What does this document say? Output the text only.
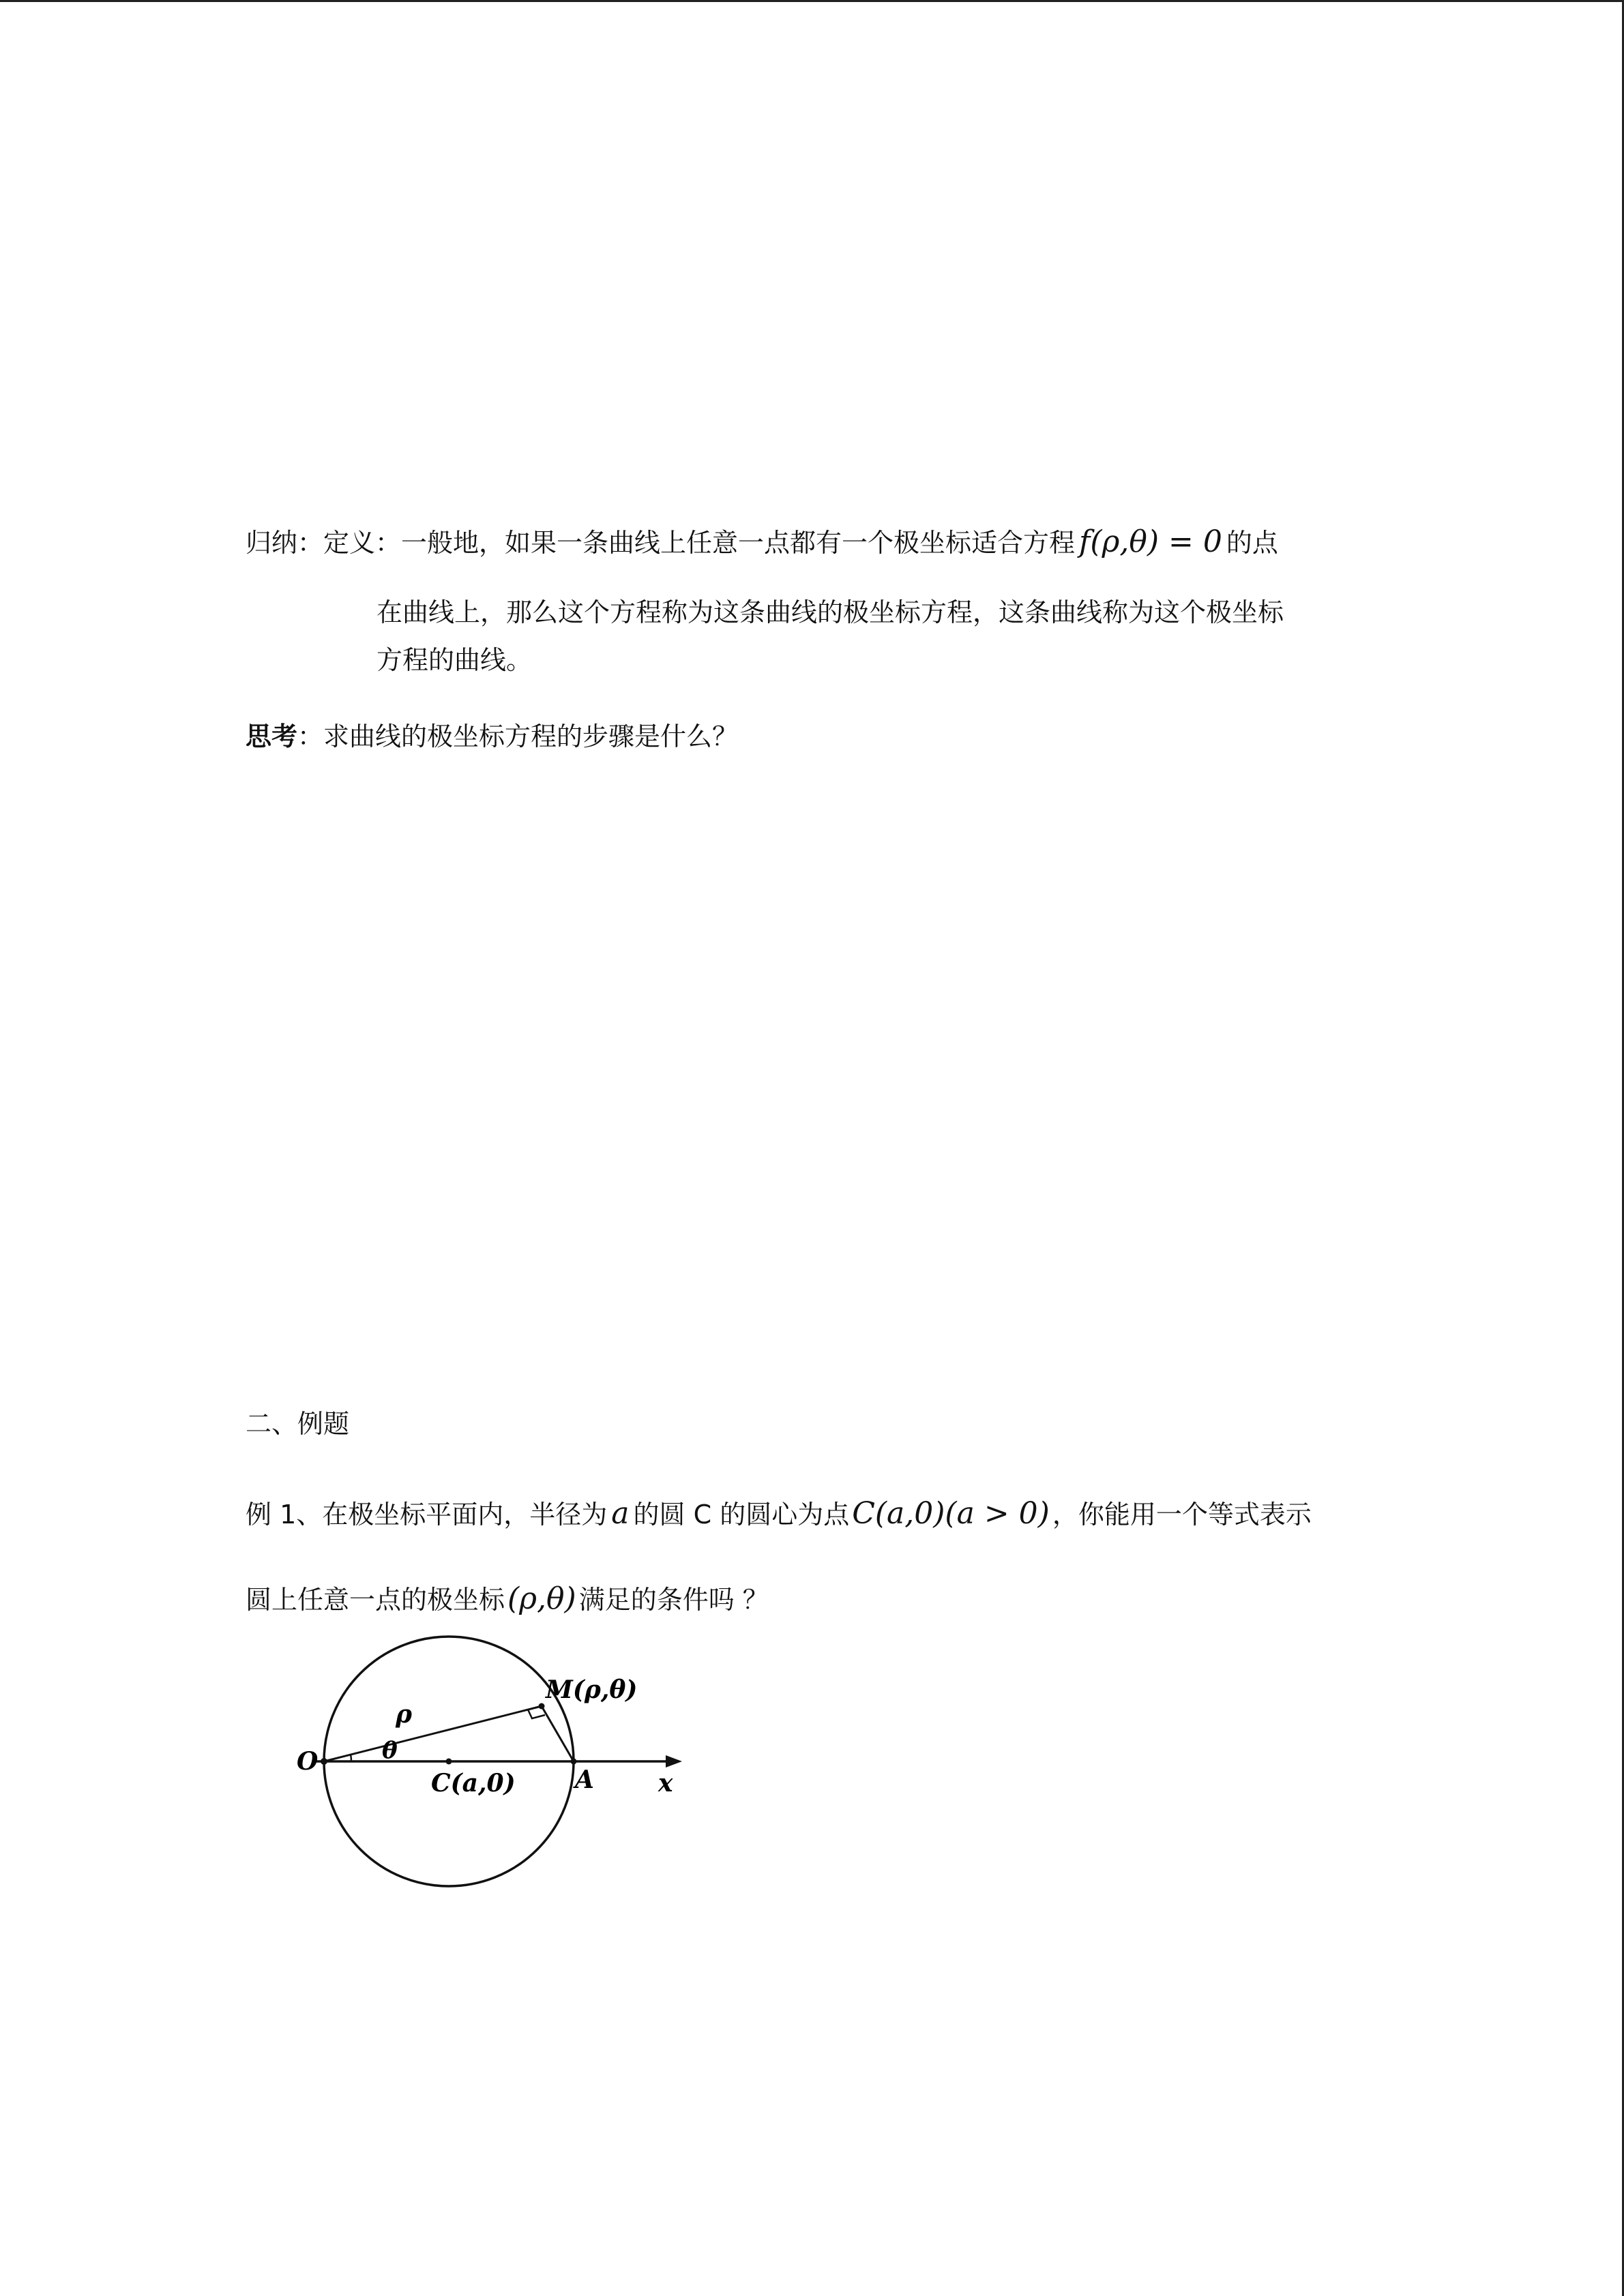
归纳：定义：一般地，如果一条曲线上任意一点都有一个极坐标适合方程 f(ρ,θ) = 0 的点
在曲线上，那么这个方程称为这条曲线的极坐标方程，这条曲线称为这个极坐标
方程的曲线。
思考：求曲线的极坐标方程的步骤是什么？
二、例题
例 1、在极坐标平面内，半径为 a 的圆 C 的圆心为点C(a,0)(a > 0) ，你能用一个等式表示
圆上任意一点的极坐标(ρ,θ) 满足的条件吗 ？
M(ρ,θ)
ρ
θ
O
C(a,0) A	x
